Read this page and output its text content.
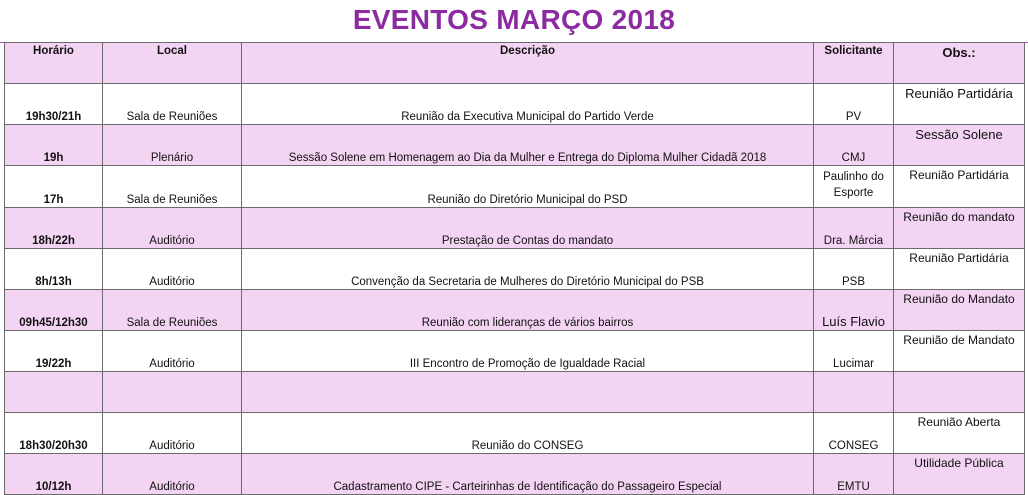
EVENTOS MARÇO 2018
Horário	Local	Descrição	Solicitante	Obs.:
19h30/21h	Sala de Reuniões	Reunião da Executiva Municipal do Partido Verde	PV	Reunião Partidária
19h	Plenário	Sessão Solene em Homenagem ao Dia da Mulher e Entrega do Diploma Mulher Cidadã 2018	CMJ	Sessão Solene
17h	Sala de Reuniões	Reunião do Diretório Municipal do PSD	Paulinho do Esporte	Reunião Partidária
18h/22h	Auditório	Prestação de Contas do mandato	Dra. Márcia	Reunião do mandato
8h/13h	Auditório	Convenção da Secretaria de Mulheres do Diretório Municipal do PSB	PSB	Reunião Partidária
09h45/12h30	Sala de Reuniões	Reunião com lideranças de vários bairros	Luís Flavio	Reunião do Mandato
19/22h	Auditório	III Encontro de Promoção de Igualdade Racial	Lucimar	Reunião de Mandato

18h30/20h30	Auditório	Reunião do CONSEG	CONSEG	Reunião Aberta
10/12h	Auditório	Cadastramento CIPE - Carteirinhas de Identificação do Passageiro Especial	EMTU	Utilidade Pública
